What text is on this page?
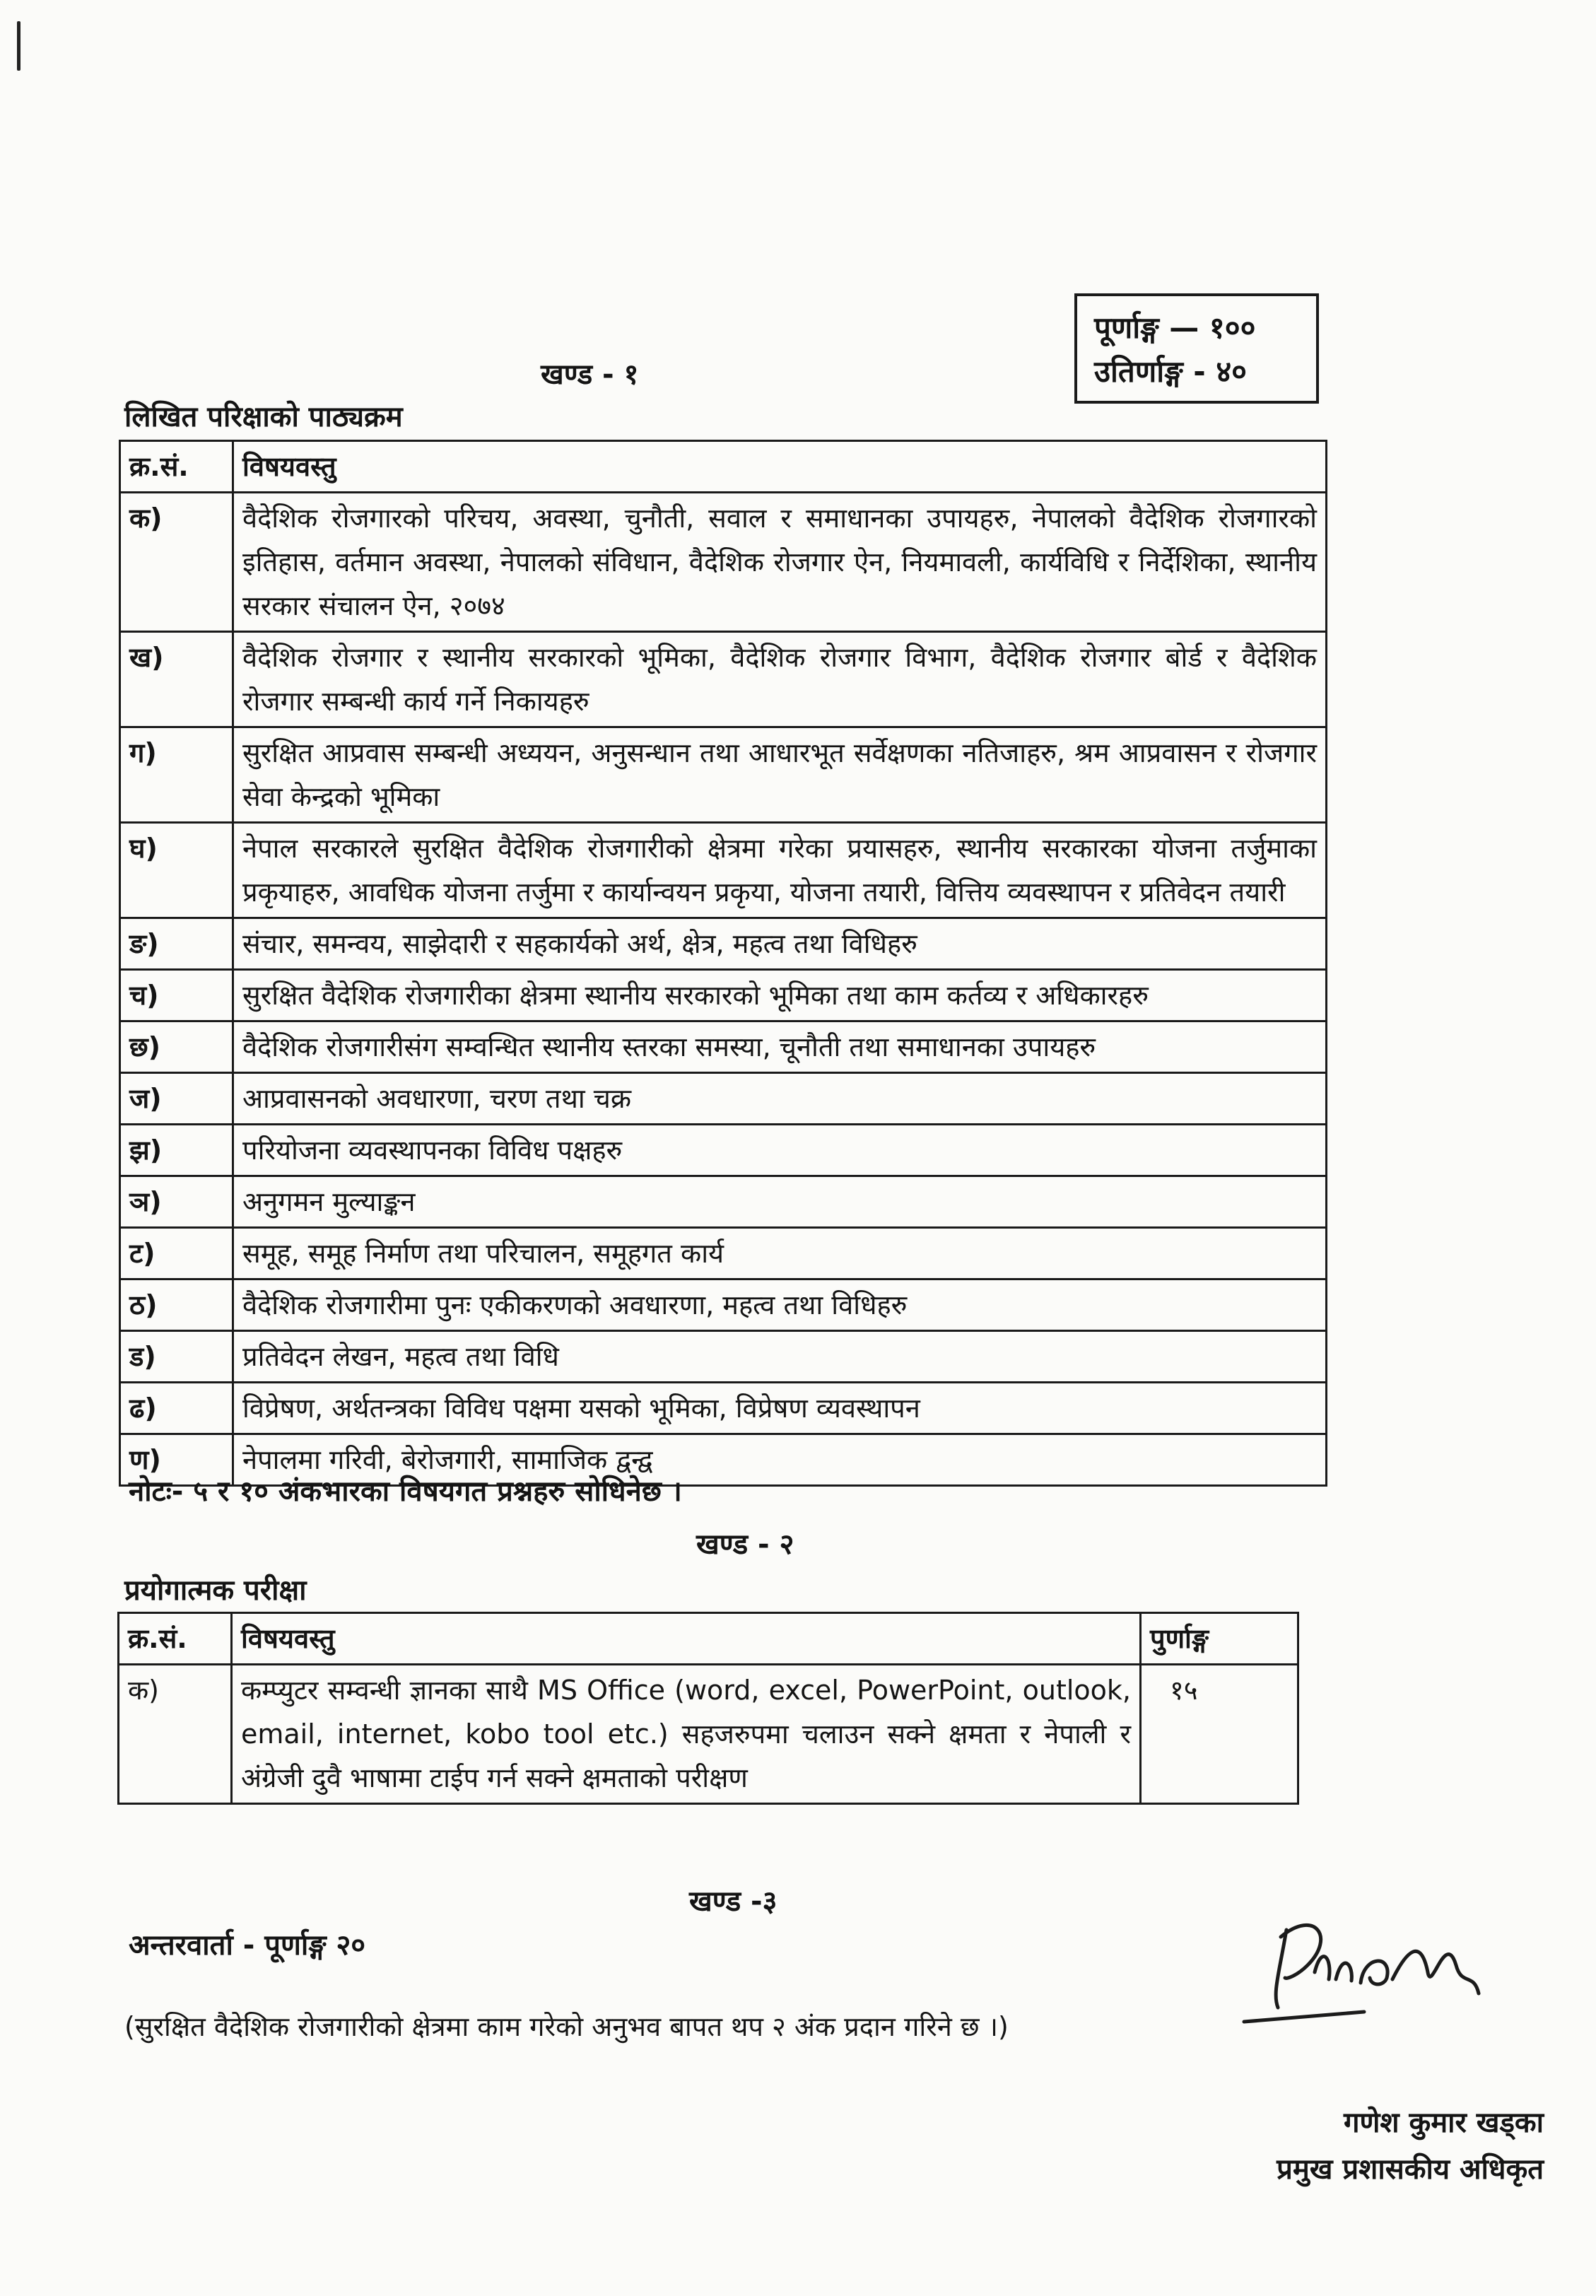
पूर्णाङ्ग — १००
उतिर्णाङ्ग - ४०
खण्ड - १
लिखित परिक्षाको पाठ्यक्रम
क्र.सं.	विषयवस्तु
क)	वैदेशिक रोजगारको परिचय, अवस्था, चुनौती, सवाल र समाधानका उपायहरु, नेपालको वैदेशिक रोजगारको इतिहास, वर्तमान अवस्था, नेपालको संविधान, वैदेशिक रोजगार ऐन, नियमावली, कार्यविधि र निर्देशिका, स्थानीय सरकार संचालन ऐन, २०७४
ख)	वैदेशिक रोजगार र स्थानीय सरकारको भूमिका, वैदेशिक रोजगार विभाग, वैदेशिक रोजगार बोर्ड र वैदेशिक रोजगार सम्बन्धी कार्य गर्ने निकायहरु
ग)	सुरक्षित आप्रवास सम्बन्धी अध्ययन, अनुसन्धान तथा आधारभूत सर्वेक्षणका नतिजाहरु, श्रम आप्रवासन र रोजगार सेवा केन्द्रको भूमिका
घ)	नेपाल सरकारले सुरक्षित वैदेशिक रोजगारीको क्षेत्रमा गरेका प्रयासहरु, स्थानीय सरकारका योजना तर्जुमाका प्रकृयाहरु, आवधिक योजना तर्जुमा र कार्यान्वयन प्रकृया, योजना तयारी, वित्तिय व्यवस्थापन र प्रतिवेदन तयारी
ङ)	संचार, समन्वय, साझेदारी र सहकार्यको अर्थ, क्षेत्र, महत्व तथा विधिहरु
च)	सुरक्षित वैदेशिक रोजगारीका क्षेत्रमा स्थानीय सरकारको भूमिका तथा काम कर्तव्य र अधिकारहरु
छ)	वैदेशिक रोजगारीसंग सम्वन्धित स्थानीय स्तरका समस्या, चूनौती तथा समाधानका उपायहरु
ज)	आप्रवासनको अवधारणा, चरण तथा चक्र
झ)	परियोजना व्यवस्थापनका विविध पक्षहरु
ञ)	अनुगमन मुल्याङ्कन
ट)	समूह, समूह निर्माण तथा परिचालन, समूहगत कार्य
ठ)	वैदेशिक रोजगारीमा पुनः एकीकरणको अवधारणा, महत्व तथा विधिहरु
ड)	प्रतिवेदन लेखन, महत्व तथा विधि
ढ)	विप्रेषण, अर्थतन्त्रका विविध पक्षमा यसको भूमिका, विप्रेषण व्यवस्थापन
ण)	नेपालमा गरिवी, बेरोजगारी, सामाजिक द्वन्द्व
नोटः- ५ र १० अंकभारका विषयगत प्रश्नहरु सोधिनेछ ।
खण्ड - २
प्रयोगात्मक परीक्षा
क्र.सं.	विषयवस्तु	पुर्णाङ्ग
क)	कम्प्युटर सम्वन्धी ज्ञानका साथै MS Office (word, excel, PowerPoint, outlook, email, internet, kobo tool etc.) सहजरुपमा चलाउन सक्ने क्षमता र नेपाली र अंग्रेजी दुवै भाषामा टाईप गर्न सक्ने क्षमताको परीक्षण	१५
खण्ड -३
अन्तरवार्ता - पूर्णाङ्ग २०
(सुरक्षित वैदेशिक रोजगारीको क्षेत्रमा काम गरेको अनुभव बापत थप २ अंक प्रदान गरिने छ ।)
गणेश कुमार खड्का
प्रमुख प्रशासकीय अधिकृत
